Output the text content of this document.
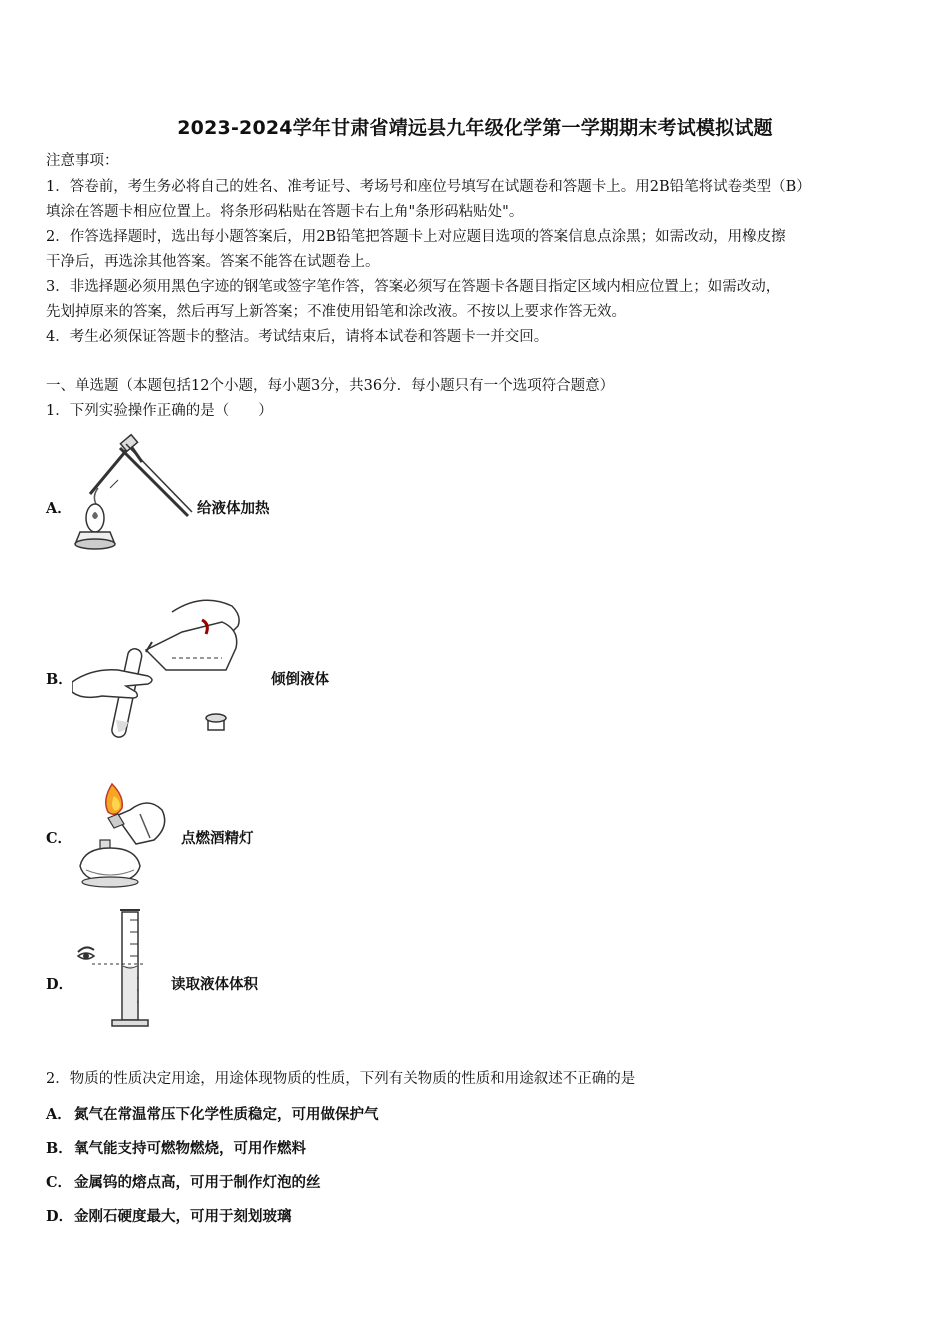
2023-2024学年甘肃省靖远县九年级化学第一学期期末考试模拟试题
注意事项：
1．答卷前，考生务必将自己的姓名、准考证号、考场号和座位号填写在试题卷和答题卡上。用2B铅笔将试卷类型（B）
填涂在答题卡相应位置上。将条形码粘贴在答题卡右上角"条形码粘贴处"。
2．作答选择题时，选出每小题答案后，用2B铅笔把答题卡上对应题目选项的答案信息点涂黑；如需改动，用橡皮擦
干净后，再选涂其他答案。答案不能答在试题卷上。
3．非选择题必须用黑色字迹的钢笔或签字笔作答，答案必须写在答题卡各题目指定区域内相应位置上；如需改动，
先划掉原来的答案，然后再写上新答案；不准使用铅笔和涂改液。不按以上要求作答无效。
4．考生必须保证答题卡的整洁。考试结束后，请将本试卷和答题卡一并交回。
一、单选题（本题包括12个小题，每小题3分，共36分．每小题只有一个选项符合题意）
1．下列实验操作正确的是（　　）
A．	给液体加热
B．	倾倒液体
C．	点燃酒精灯
D．	读取液体体积
2．物质的性质决定用途，用途体现物质的性质，下列有关物质的性质和用途叙述不正确的是
A． 氮气在常温常压下化学性质稳定，可用做保护气
B． 氧气能支持可燃物燃烧，可用作燃料
C． 金属钨的熔点高，可用于制作灯泡的丝
D． 金刚石硬度最大，可用于刻划玻璃
